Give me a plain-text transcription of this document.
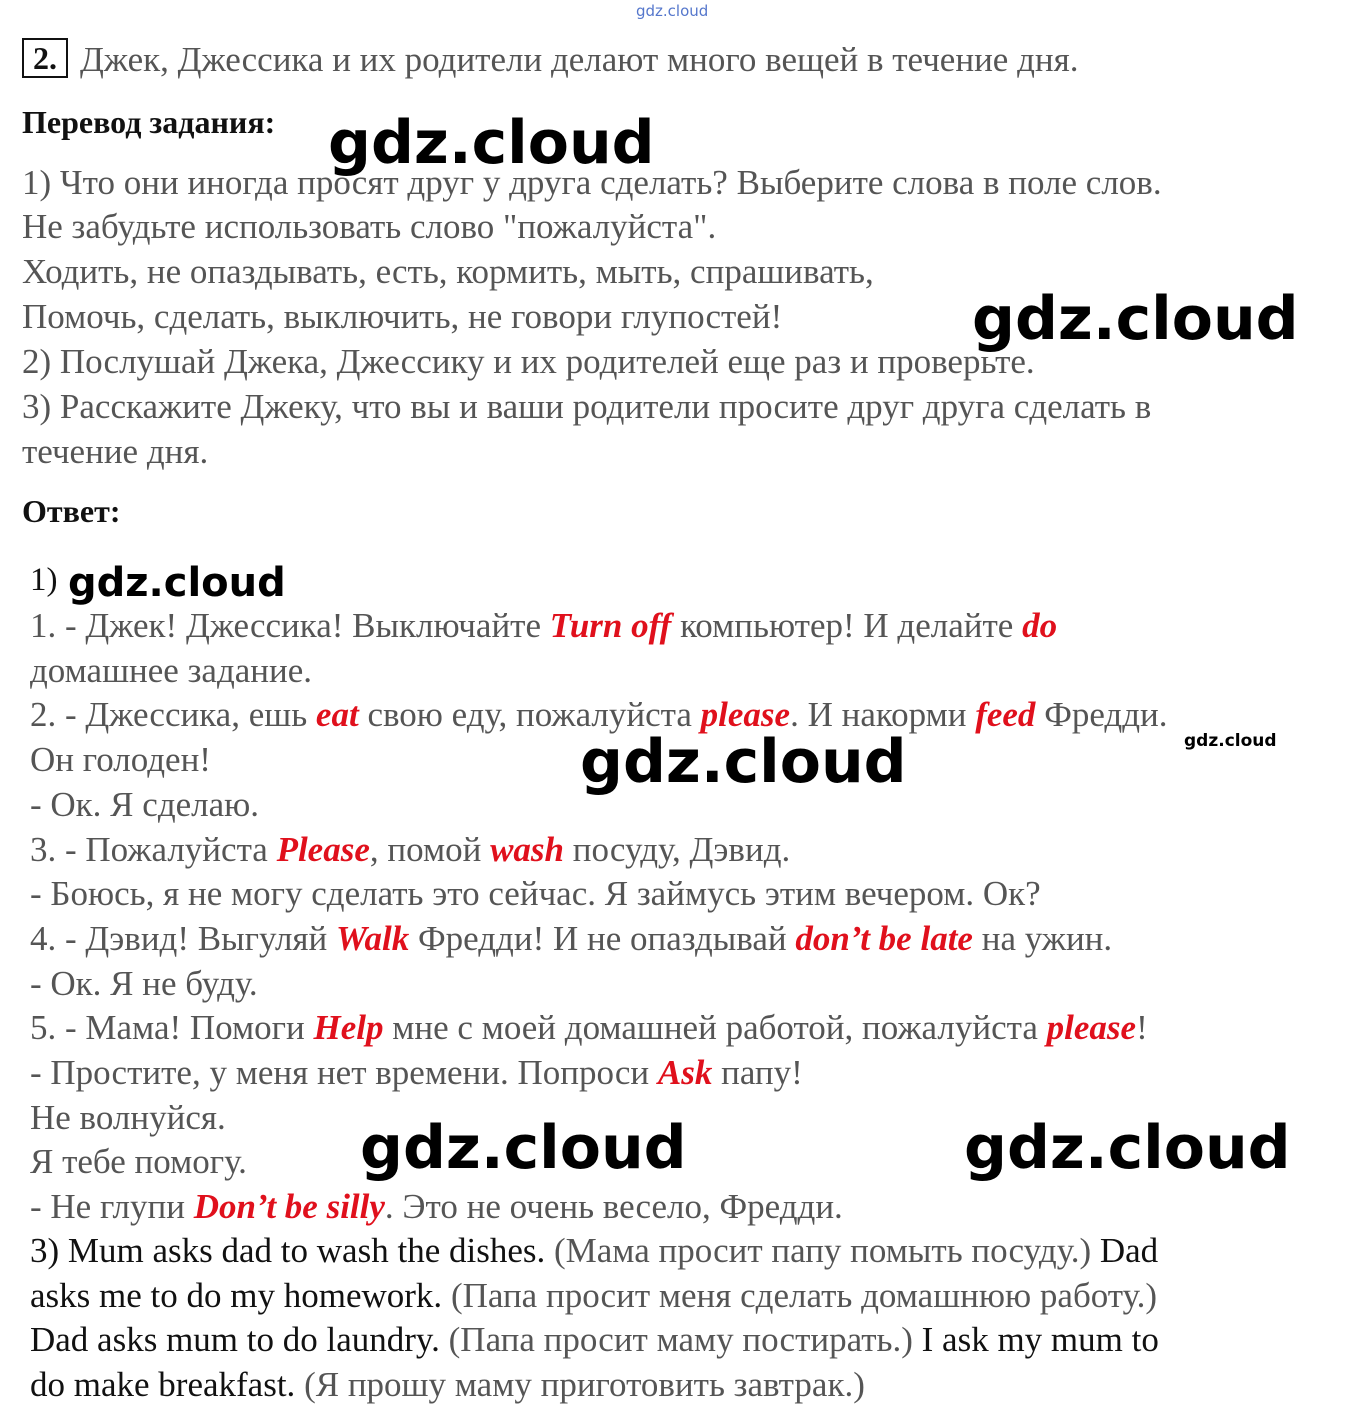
gdz.cloud
2. Джек, Джессика и их родители делают много вещей в течение дня.
Перевод задания:
1) Что они иногда просят друг у друга сделать? Выберите слова в поле слов.
Не забудьте использовать слово "пожалуйста".
Ходить, не опаздывать, есть, кормить, мыть, спрашивать,
Помочь, сделать, выключить, не говори глупостей!
2) Послушай Джека, Джессику и их родителей еще раз и проверьте.
3) Расскажите Джеку, что вы и ваши родители просите друг друга сделать в
течение дня.
Ответ:
1)
1. - Джек! Джессика! Выключайте Turn off компьютер! И делайте do
домашнее задание.
2. - Джессика, ешь eat свою еду, пожалуйста please. И накорми feed Фредди.
Он голоден!
- Ок. Я сделаю.
3. - Пожалуйста Please, помой wash посуду, Дэвид.
- Боюсь, я не могу сделать это сейчас. Я займусь этим вечером. Ок?
4. - Дэвид! Выгуляй Walk Фредди! И не опаздывай don’t be late на ужин.
- Ок. Я не буду.
5. - Мама! Помоги Help мне с моей домашней работой, пожалуйста please!
- Простите, у меня нет времени. Попроси Ask папу!
Не волнуйся.
Я тебе помогу.
- Не глупи Don’t be silly. Это не очень весело, Фредди.
3) Mum asks dad to wash the dishes. (Мама просит папу помыть посуду.) Dad
asks me to do my homework. (Папа просит меня сделать домашнюю работу.)
Dad asks mum to do laundry. (Папа просит маму постирать.) I ask my mum to
do make breakfast. (Я прошу маму приготовить завтрак.)
gdz.cloud
gdz.cloud
gdz.cloud
gdz.cloud	gdz.cloud
gdz.cloud	gdz.cloud
